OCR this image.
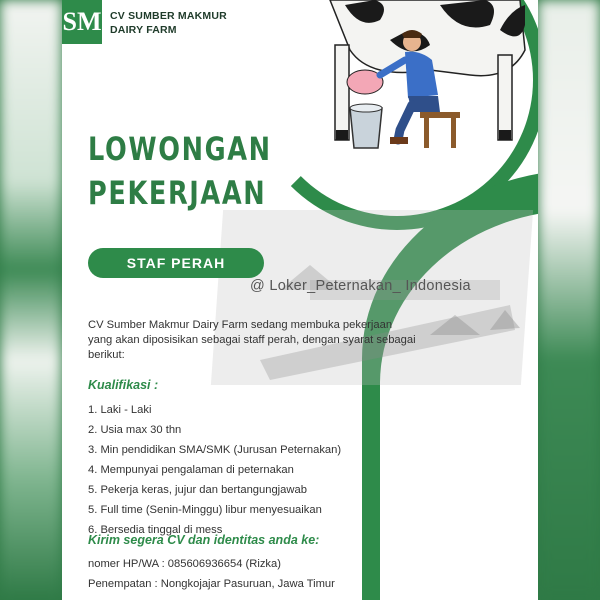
SM CV SUMBER MAKMUR
DAIRY FARM
LOWONGAN
PEKERJAAN
STAF PERAH
@ Loker_Peternakan_ Indonesia
CV Sumber Makmur Dairy Farm sedang membuka pekerjaan yang akan diposisikan sebagai staff perah, dengan syarat sebagai berikut:
Kualifikasi :
1. Laki - Laki
2. Usia max 30 thn
3. Min pendidikan SMA/SMK (Jurusan Peternakan)
4. Mempunyai pengalaman di peternakan
5. Pekerja keras, jujur dan bertangungjawab
5. Full time (Senin-Minggu) libur menyesuaikan
6. Bersedia tinggal di mess
Kirim segera CV dan identitas anda ke:
nomer HP/WA : 085606936654 (Rizka)
Penempatan : Nongkojajar Pasuruan, Jawa Timur
